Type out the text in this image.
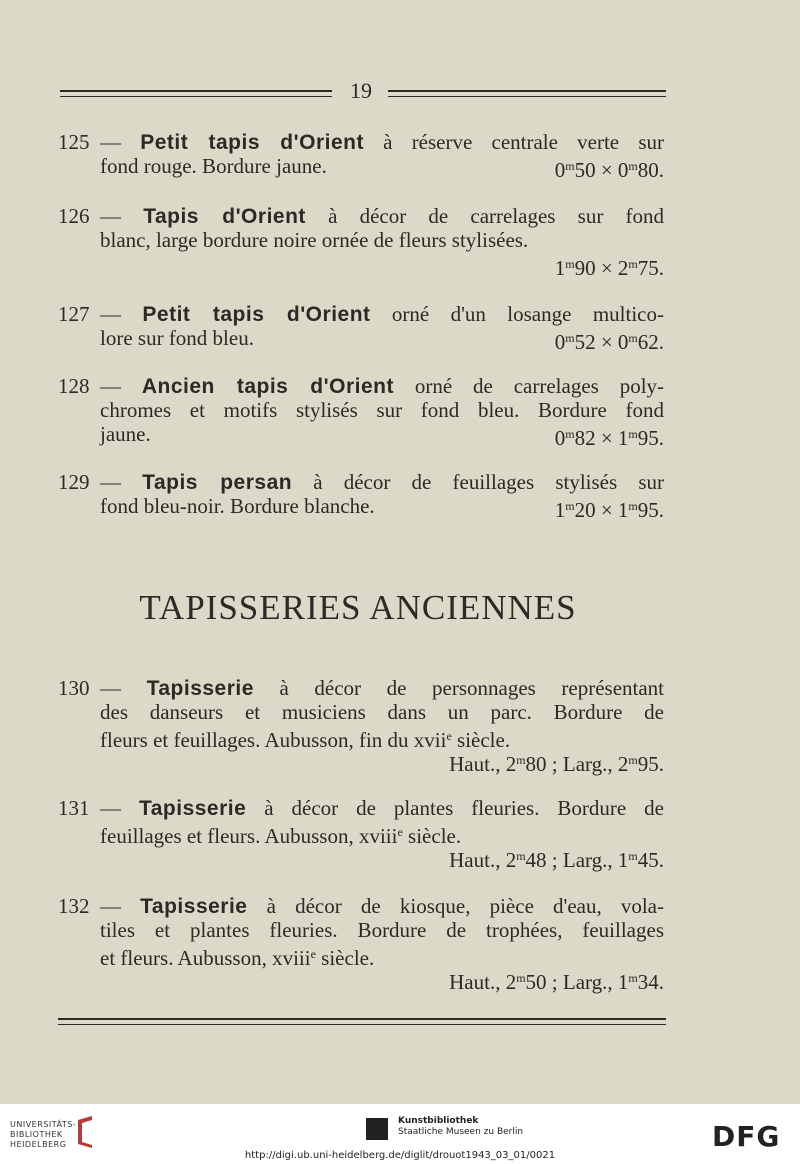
19
125 — Petit tapis d'Orient à réserve centrale verte sur
fond rouge. Bordure jaune.	$0^m50 \times 0^m80$.
126 — Tapis d'Orient à décor de carrelages sur fond
blanc, large bordure noire ornée de fleurs stylisées.
$1^m90 \times 2^m75$.
127 — Petit tapis d'Orient orné d'un losange multico-
lore sur fond bleu.	$0^m52 \times 0^m62$.
128 — Ancien tapis d'Orient orné de carrelages poly-
chromes et motifs stylisés sur fond bleu. Bordure fond
jaune.	$0^m82 \times 1^m95$.
129 — Tapis persan à décor de feuillages stylisés sur
fond bleu-noir. Bordure blanche.	$1^m20 \times 1^m95$.
TAPISSERIES ANCIENNES
130 — Tapisserie à décor de personnages représentant
des danseurs et musiciens dans un parc. Bordure de
fleurs et feuillages. Aubusson, fin du xvii$^e$ siècle.
Haut., 2$^m$80 ; Larg., 2$^m$95.
131 — Tapisserie à décor de plantes fleuries. Bordure de
feuillages et fleurs. Aubusson, xviii$^e$ siècle.
Haut., 2$^m$48 ; Larg., 1$^m$45.
132 — Tapisserie à décor de kiosque, pièce d'eau, vola-
tiles et plantes fleuries. Bordure de trophées, feuillages
et fleurs. Aubusson, xviii$^e$ siècle.
Haut., 2$^m$50 ; Larg., 1$^m$34.
UNIVERSITÄTS-
BIBLIOTHEK
HEIDELBERG
Kunstbibliothek
Staatliche Museen zu Berlin	DFG
http://digi.ub.uni-heidelberg.de/diglit/drouot1943_03_01/0021
